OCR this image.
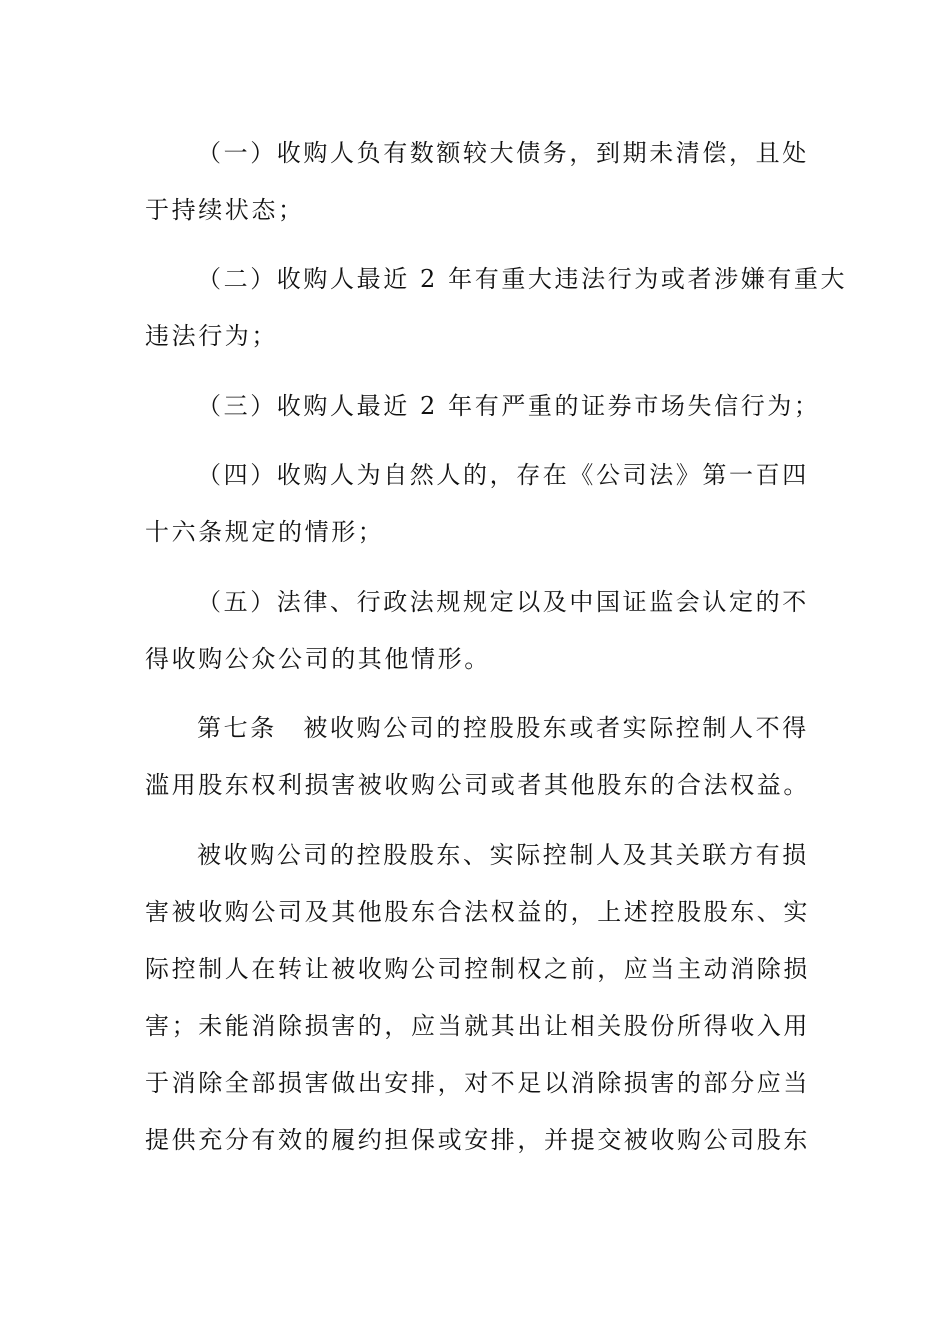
（一）收购人负有数额较大债务，到期未清偿，且处
于持续状态；
（二）收购人最近 2 年有重大违法行为或者涉嫌有重大
违法行为；
（三）收购人最近 2 年有严重的证券市场失信行为；
（四）收购人为自然人的，存在《公司法》第一百四
十六条规定的情形；
（五）法律、行政法规规定以及中国证监会认定的不
得收购公众公司的其他情形。
第七条　被收购公司的控股股东或者实际控制人不得
滥用股东权利损害被收购公司或者其他股东的合法权益。
被收购公司的控股股东、实际控制人及其关联方有损
害被收购公司及其他股东合法权益的，上述控股股东、实
际控制人在转让被收购公司控制权之前，应当主动消除损
害；未能消除损害的，应当就其出让相关股份所得收入用
于消除全部损害做出安排，对不足以消除损害的部分应当
提供充分有效的履约担保或安排，并提交被收购公司股东
